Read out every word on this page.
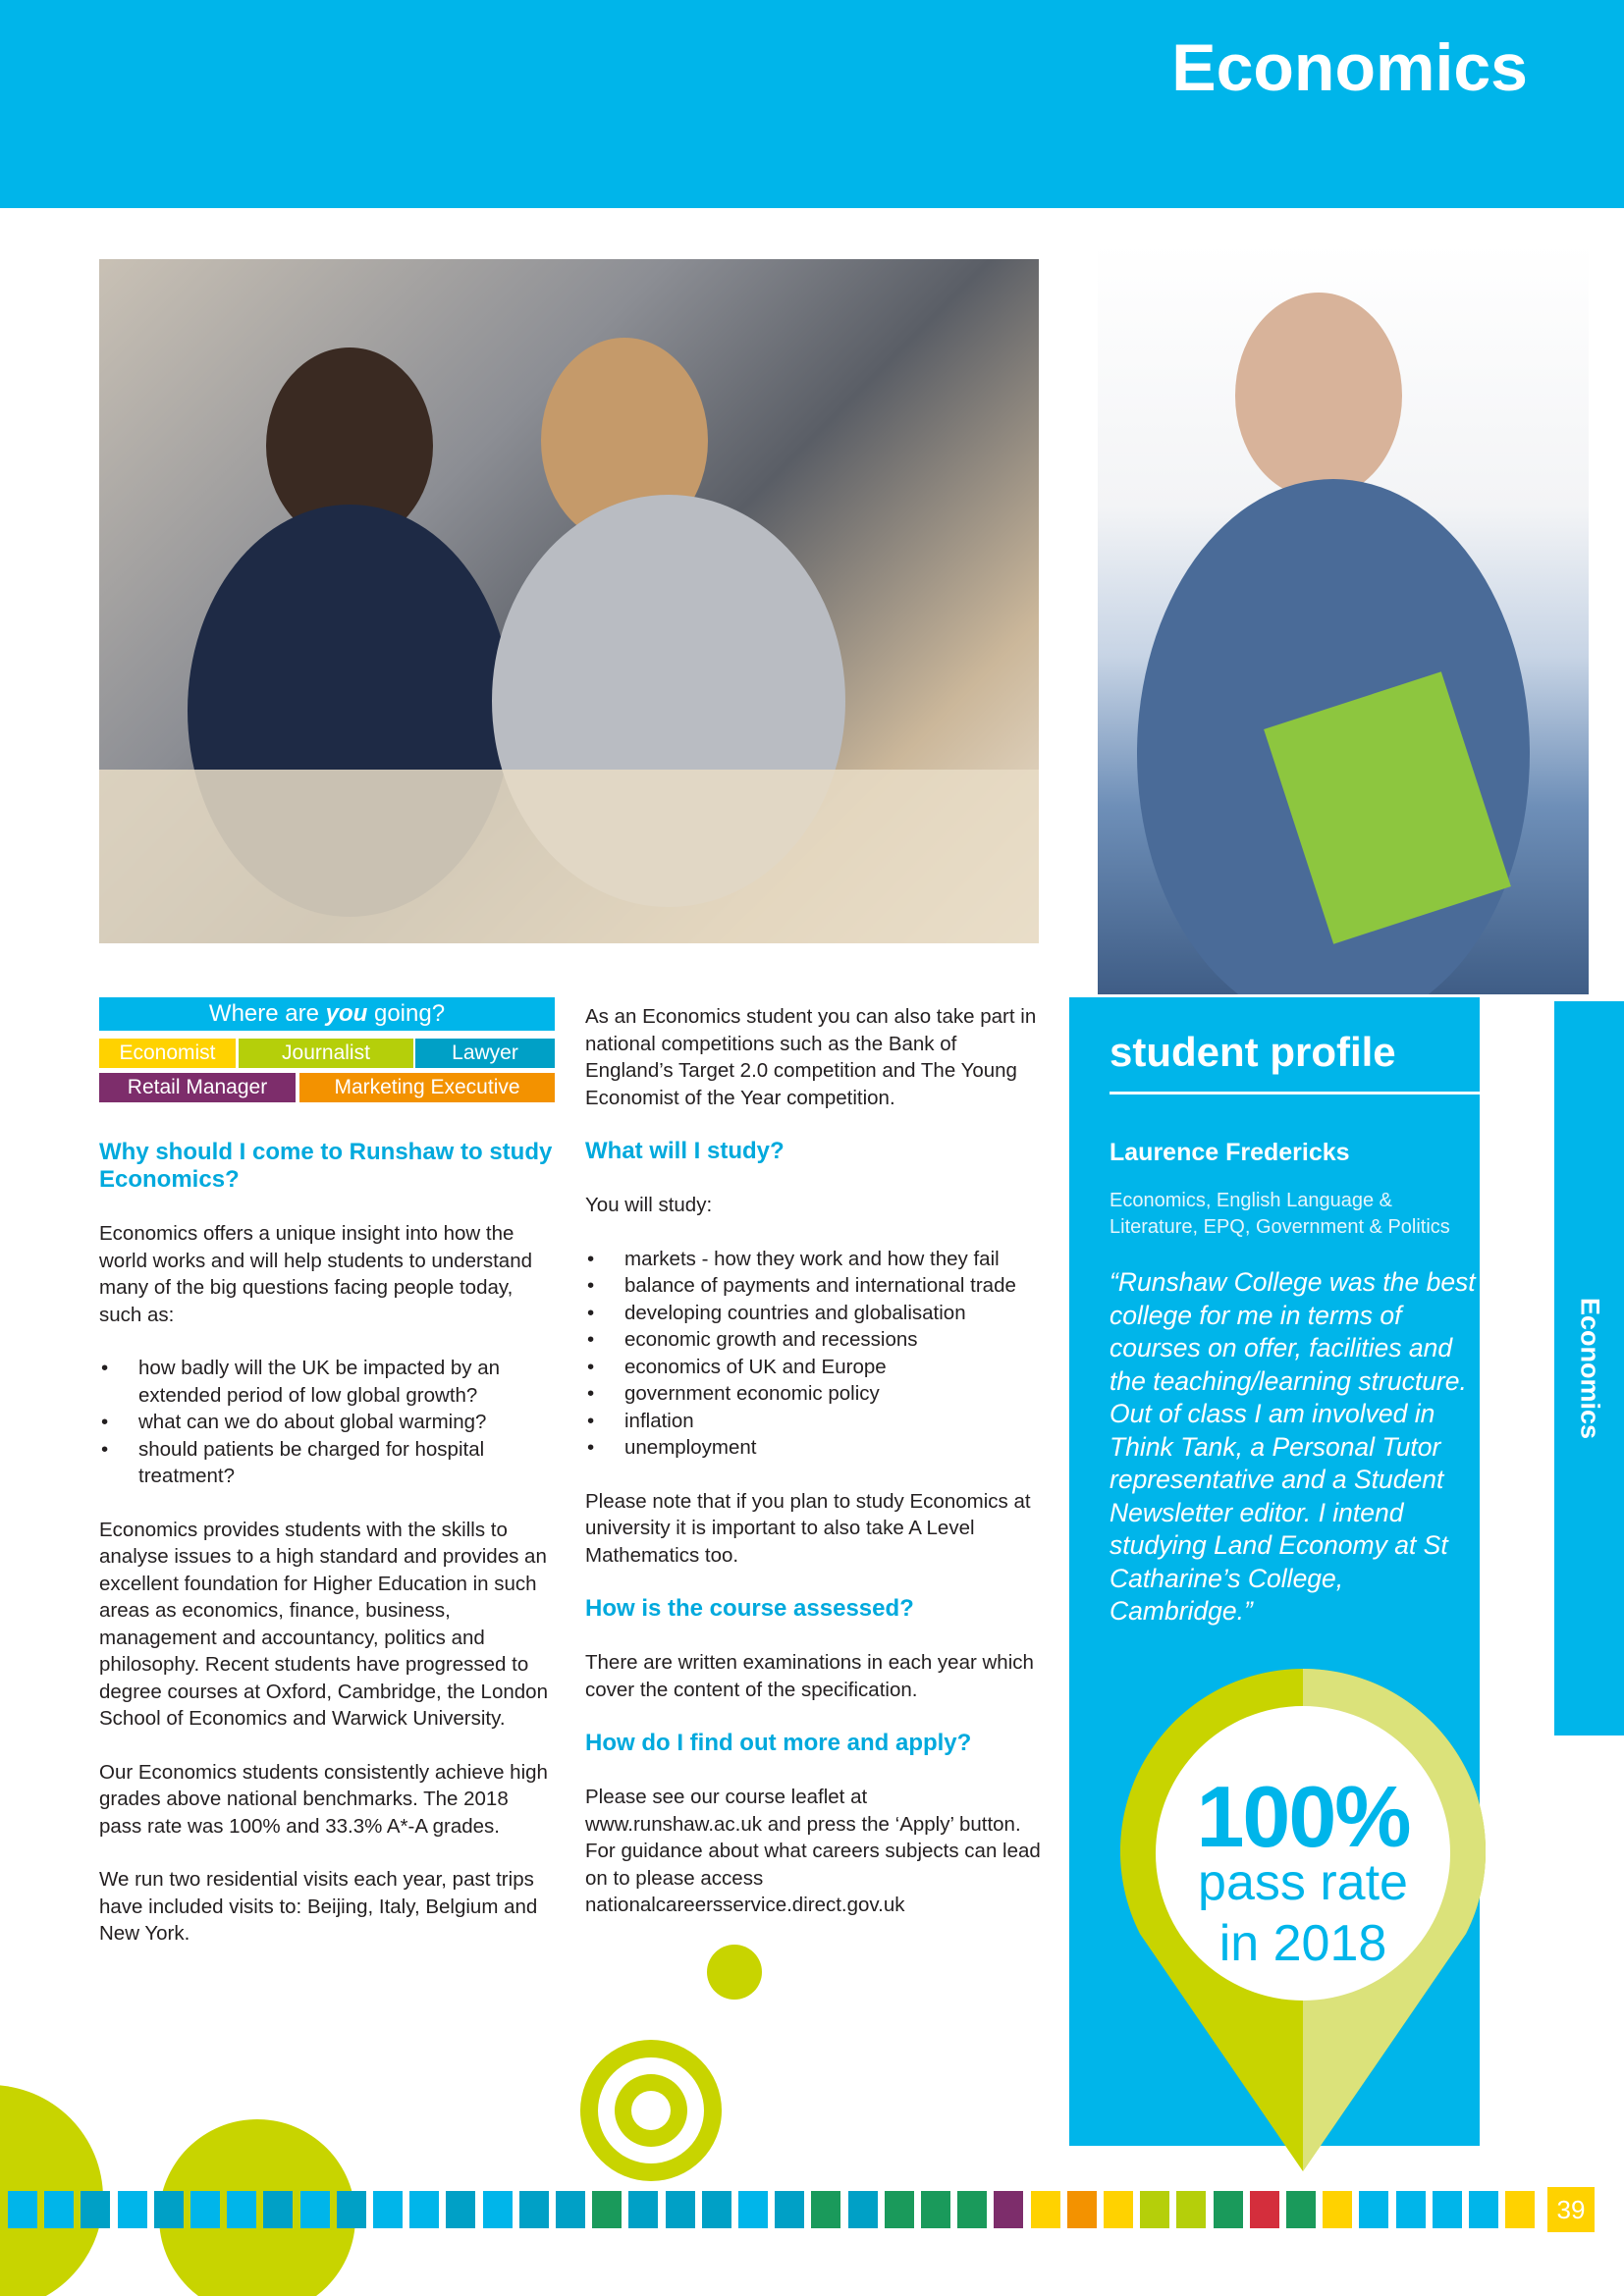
Economics
Where are you going?
Economist	Journalist	Lawyer
Retail Manager	Marketing Executive
Why should I come to Runshaw to study Economics?

Economics offers a unique insight into how the world works and will help students to understand many of the big questions facing people today, such as:

• how badly will the UK be impacted by an extended period of low global growth?
• what can we do about global warming?
• should patients be charged for hospital treatment?

Economics provides students with the skills to analyse issues to a high standard and provides an excellent foundation for Higher Education in such areas as economics, finance, business, management and accountancy, politics and philosophy. Recent students have progressed to degree courses at Oxford, Cambridge, the London School of Economics and Warwick University.

Our Economics students consistently achieve high grades above national benchmarks. The 2018 pass rate was 100% and 33.3% A*-A grades.

We run two residential visits each year, past trips have included visits to: Beijing, Italy, Belgium and New York.

As an Economics student you can also take part in national competitions such as the Bank of England’s Target 2.0 competition and The Young Economist of the Year competition.

What will I study?

You will study:

• markets - how they work and how they fail
• balance of payments and international trade
• developing countries and globalisation
• economic growth and recessions
• economics of UK and Europe
• government economic policy
• inflation
• unemployment

Please note that if you plan to study Economics at university it is important to also take A Level Mathematics too.

How is the course assessed?

There are written examinations in each year which cover the content of the specification.

How do I find out more and apply?

Please see our course leaflet at www.runshaw.ac.uk and press the ‘Apply’ button. For guidance about what careers subjects can lead on to please access nationalcareersservice.direct.gov.uk

student profile
Laurence Fredericks
Economics, English Language & Literature, EPQ, Government & Politics
“Runshaw College was the best college for me in terms of courses on offer, facilities and the teaching/learning structure. Out of class I am involved in Think Tank, a Personal Tutor representative and a Student Newsletter editor. I intend studying Land Economy at St Catharine’s College, Cambridge.”
Economics
100%
pass rate
in 2018
39
